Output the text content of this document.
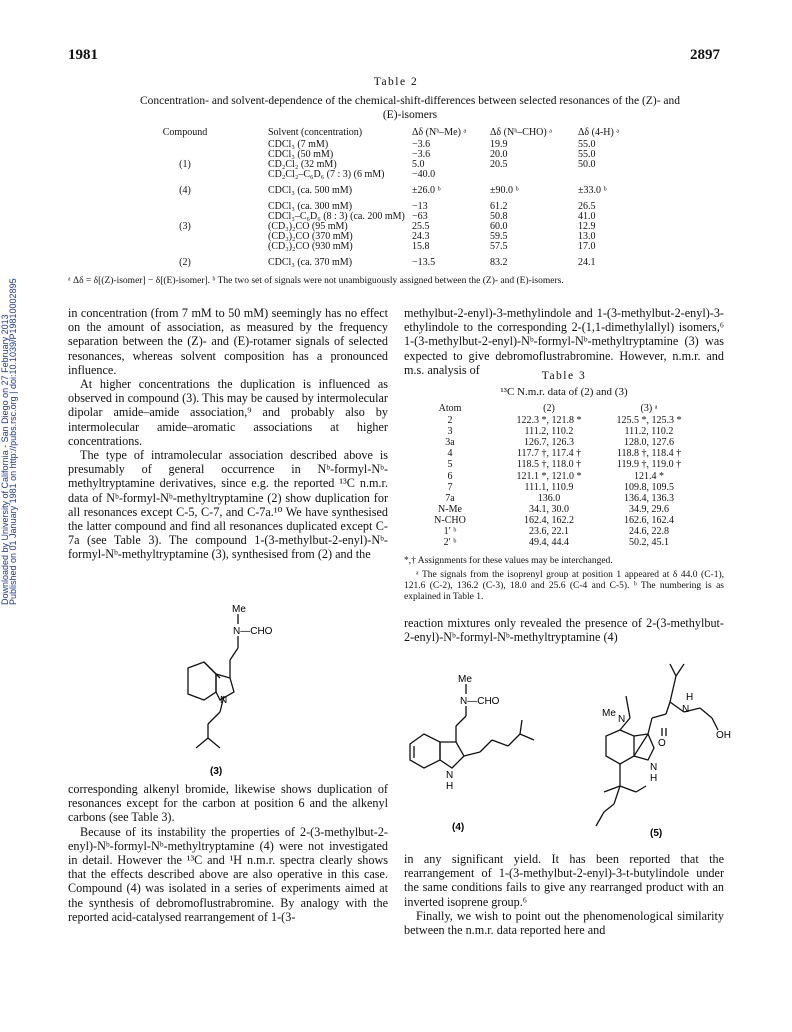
1981	2897
Downloaded by University of California - San Diego on 27 February 2013
Published on 01 January 1981 on http://pubs.rsc.org | doi:10.1039/P19810002895
Table 2
Concentration- and solvent-dependence of the chemical-shift-differences between selected resonances of the (Z)- and
(E)-isomers
Compound	Solvent (concentration)	Δδ (Nᵇ–Me) ᵃ Δδ (Nᵇ–CHO) ᵃ	Δδ (4-H) ᵃ
CDCl₃ (7 mM)	−3.6	19.9	55.0
CDCl₃ (50 mM)	−3.6	20.0	55.0
(1)	CD₂Cl₂ (32 mM)	5.0	20.5	50.0
CD₂Cl₂–C₆D₆ (7 : 3) (6 mM)	−40.0
(4)	CDCl₃ (ca. 500 mM)	±26.0 ᵇ	±90.0 ᵇ	±33.0 ᵇ
CDCl₃ (ca. 300 mM)	−13	61.2	26.5
CDCl₃–C₆D₆ (8 : 3) (ca. 200 mM) −63	50.8	41.0
(3)	(CD₃)₂CO (95 mM)	25.5	60.0	12.9
(CD₃)₂CO (370 mM)	24.3	59.5	13.0
(CD₃)₂CO (930 mM)	15.8	57.5	17.0
(2)	CDCl₃ (ca. 370 mM)	−13.5	83.2	24.1
ᵃ Δδ = δ[(Z)-isomer] − δ[(E)-isomer]. ᵇ The two set of signals were not unambiguously assigned between the (Z)- and (E)-isomers.

in concentration (from 7 mM to 50 mM) seemingly has no effect on the amount of association, as measured by the frequency separation between the (Z)- and (E)-rotamer signals of selected resonances, whereas solvent composition has a pronounced influence.

At higher concentrations the duplication is influenced as observed in compound (3). This may be caused by intermolecular dipolar amide–amide association,⁹ and probably also by intermolecular amide–aromatic associations at higher concentrations.

The type of intramolecular association described above is presumably of general occurrence in Nᵇ-formyl-Nᵇ-methyltryptamine derivatives, since e.g. the reported ¹³C n.m.r. data of Nᵇ-formyl-Nᵇ-methyltryptamine (2) show duplication for all resonances except C-5, C-7, and C-7a.¹⁰ We have synthesised the latter compound and find all resonances duplicated except C-7a (see Table 3). The compound 1-(3-methylbut-2-enyl)-Nᵇ-formyl-Nᵇ-methyltryptamine (3), synthesised from (2) and the

Me
N—CHO
N
(3)

corresponding alkenyl bromide, likewise shows duplication of resonances except for the carbon at position 6 and the alkenyl carbons (see Table 3).

Because of its instability the properties of 2-(3-methylbut-2-enyl)-Nᵇ-formyl-Nᵇ-methyltryptamine (4) were not investigated in detail. However the ¹³C and ¹H n.m.r. spectra clearly shows that the effects described above are also operative in this case. Compound (4) was isolated in a series of experiments aimed at the synthesis of debromoflustrabromine. By analogy with the reported acid-catalysed rearrangement of 1-(3-

methylbut-2-enyl)-3-methylindole and 1-(3-methylbut-2-enyl)-3-ethylindole to the corresponding 2-(1,1-dimethylallyl) isomers,⁶ 1-(3-methylbut-2-enyl)-Nᵇ-formyl-Nᵇ-methyltryptamine (3) was expected to give debromoflustrabromine. However, n.m.r. and m.s. analysis of	Table 3
¹³C N.m.r. data of (2) and (3)
Atom	(2)	(3) ᵃ
2	122.3 *, 121.8 *	125.5 *, 125.3 *
3	111.2, 110.2	111.2, 110.2
3a	126.7, 126.3	128.0, 127.6
4	117.7 †, 117.4 †	118.8 †, 118.4 †
5	118.5 †, 118.0 †	119.9 †, 119.0 †
6	121.1 *, 121.0 *	121.4 *
7	111.1, 110.9	109.8, 109.5
7a	136.0	136.4, 136.3
N-Me	34.1, 30.0	34.9, 29.6
N-CHO	162.4, 162.2	162.6, 162.4
1′ ᵇ	23.6, 22.1	24.6, 22.8
2′ ᵇ	49.4, 44.4	50.2, 45.1
*,† Assignments for these values may be interchanged.
ᵃ The signals from the isoprenyl group at position 1 appeared at δ 44.0 (C-1), 121.6 (C-2), 136.2 (C-3), 18.0 and 25.6 (C-4 and C-5). ᵇ The numbering is as explained in Table 1.

reaction mixtures only revealed the presence of 2-(3-methylbut-2-enyl)-Nᵇ-formyl-Nᵇ-methyltryptamine (4)

Me
N—CHO
N
H
(4)
Me
N
H
N
OH
O
N
H
(5)

in any significant yield. It has been reported that the rearrangement of 1-(3-methylbut-2-enyl)-3-t-butylindole under the same conditions fails to give any rearranged product with an inverted isoprene group.⁶

Finally, we wish to point out the phenomenological similarity between the n.m.r. data reported here and
